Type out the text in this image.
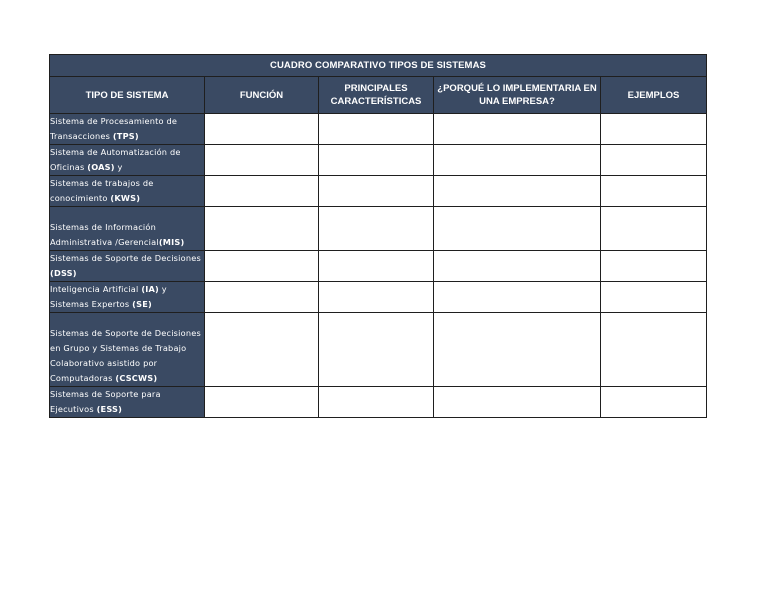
CUADRO COMPARATIVO TIPOS DE SISTEMAS				
TIPO DE SISTEMA	FUNCIÓN	PRINCIPALES CARACTERÍSTICAS	¿PORQUÉ LO IMPLEMENTARIA EN UNA EMPRESA?	EJEMPLOS
Sistema de Procesamiento de Transacciones (TPS)				
Sistema de Automatización de Oficinas (OAS) y				
Sistemas de trabajos de conocimiento (KWS)				
Sistemas de Información Administrativa /Gerencial(MIS)				
Sistemas de Soporte de Decisiones (DSS)				
Inteligencia Artificial (IA) y Sistemas Expertos (SE)				
Sistemas de Soporte de Decisiones en Grupo y Sistemas de Trabajo Colaborativo asistido por Computadoras (CSCWS)				
Sistemas de Soporte para Ejecutivos (ESS)				
